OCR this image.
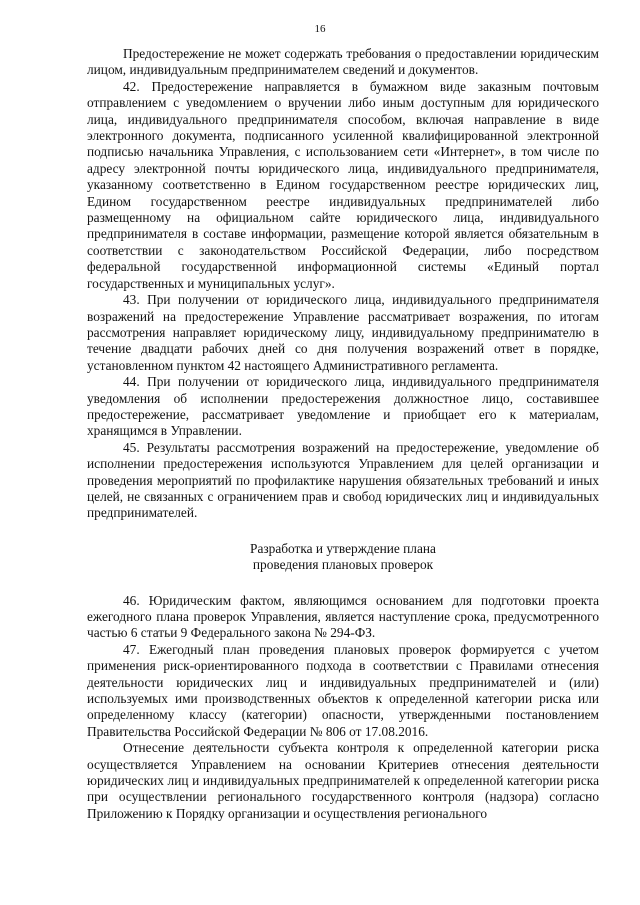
16

Предостережение не может содержать требования о предоставлении юридическим лицом, индивидуальным предпринимателем сведений и документов.

42. Предостережение направляется в бумажном виде заказным почтовым отправлением с уведомлением о вручении либо иным доступным для юридического лица, индивидуального предпринимателя способом, включая направление в виде электронного документа, подписанного усиленной квалифицированной электронной подписью начальника Управления, с использованием сети «Интернет», в том числе по адресу электронной почты юридического лица, индивидуального предпринимателя, указанному соответственно в Едином государственном реестре юридических лиц, Едином государственном реестре индивидуальных предпринимателей либо размещенному на официальном сайте юридического лица, индивидуального предпринимателя в составе информации, размещение которой является обязательным в соответствии с законодательством Российской Федерации, либо посредством федеральной государственной информационной системы «Единый портал государственных и муниципальных услуг».

43. При получении от юридического лица, индивидуального предпринимателя возражений на предостережение Управление рассматривает возражения, по итогам рассмотрения направляет юридическому лицу, индивидуальному предпринимателю в течение двадцати рабочих дней со дня получения возражений ответ в порядке, установленном пунктом 42 настоящего Административного регламента.

44. При получении от юридического лица, индивидуального предпринимателя уведомления об исполнении предостережения должностное лицо, составившее предостережение, рассматривает уведомление и приобщает его к материалам, хранящимся в Управлении.

45. Результаты рассмотрения возражений на предостережение, уведомление об исполнении предостережения используются Управлением для целей организации и проведения мероприятий по профилактике нарушения обязательных требований и иных целей, не связанных с ограничением прав и свобод юридических лиц и индивидуальных предпринимателей.

Разработка и утверждение плана
проведения плановых проверок

46. Юридическим фактом, являющимся основанием для подготовки проекта ежегодного плана проверок Управления, является наступление срока, предусмотренного частью 6 статьи 9 Федерального закона № 294-ФЗ.

47. Ежегодный план проведения плановых проверок формируется с учетом применения риск-ориентированного подхода в соответствии с Правилами отнесения деятельности юридических лиц и индивидуальных предпринимателей и (или) используемых ими производственных объектов к определенной категории риска или определенному классу (категории) опасности, утвержденными постановлением Правительства Российской Федерации № 806 от 17.08.2016.

Отнесение деятельности субъекта контроля к определенной категории риска осуществляется Управлением на основании Критериев отнесения деятельности юридических лиц и индивидуальных предпринимателей к определенной категории риска при осуществлении регионального государственного контроля (надзора) согласно Приложению к Порядку организации и осуществления регионального
